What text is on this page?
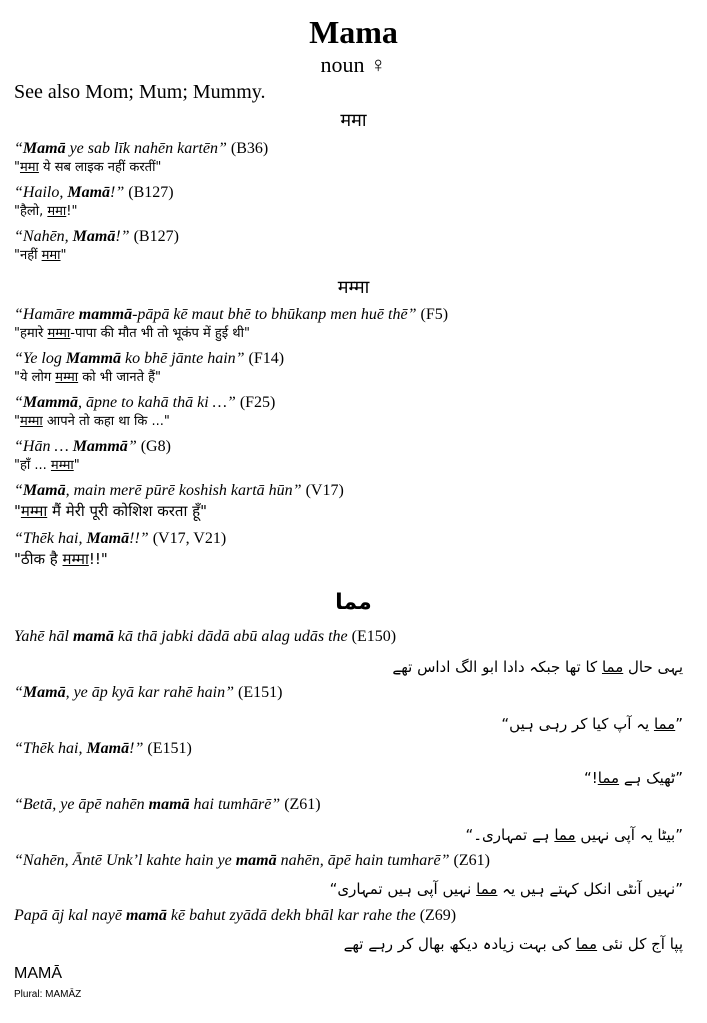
Mama
noun ♀
See also Mom; Mum; Mummy.
ममा
“Mamā ye sab līk nahēn kartēn” (B36)
"ममा ये सब लाइक नहीं करतीं"
“Hailo, Mamā!” (B127)
"हैलो, ममा!"
“Nahēn, Mamā!” (B127)
"नहीं ममा"
मम्मा
“Hamāre mammā-pāpā kē maut bhē to bhūkanp men huē thē” (F5)
"हमारे मम्मा-पापा की मौत भी तो भूकंप में हुई थी"
“Ye log Mammā ko bhē jānte hain” (F14)
"ये लोग मम्मा को भी जानते हैं"
“Mammā, āpne to kahā thā ki …” (F25)
"मम्मा आपने तो कहा था कि ..."
“Hān … Mammā” (G8)
"हाँ ... मम्मा"
“Mamā, main merē pūrē koshish kartā hūn” (V17)
"मम्मा मैं मेरी पूरी कोशिश करता हूँ"
“Thēk hai, Mamā!!” (V17, V21)
"ठीक है मम्मा!!"
مما
Yahē hāl mamā kā thā jabki dādā abū alag udās the (E150)
یہی حال مما کا تھا جبکہ دادا ابو الگ اداس تھے
“Mamā, ye āp kyā kar rahē hain” (E151)
”مما یہ آپ کیا کر رہی ہیں“
“Thēk hai, Mamā!” (E151)
”ٹھیک ہے مما!“
“Betā, ye āpē nahēn mamā hai tumhārē” (Z61)
”بیٹا یہ آپی نہیں مما ہے تمہاری۔“
“Nahēn, Āntē Unk’l kahte hain ye mamā nahēn, āpē hain tumharē” (Z61)
”نہیں آنٹی انکل کہتے ہیں یہ مما نہیں آپی ہیں تمہاری“
Papā āj kal nayē mamā kē bahut zyādā dekh bhāl kar rahe the (Z69)
پپا آج کل نئی مما کی بہت زیادہ دیکھ بھال کر رہے تھے
MAMĀ
Plural: MAMĀZ
